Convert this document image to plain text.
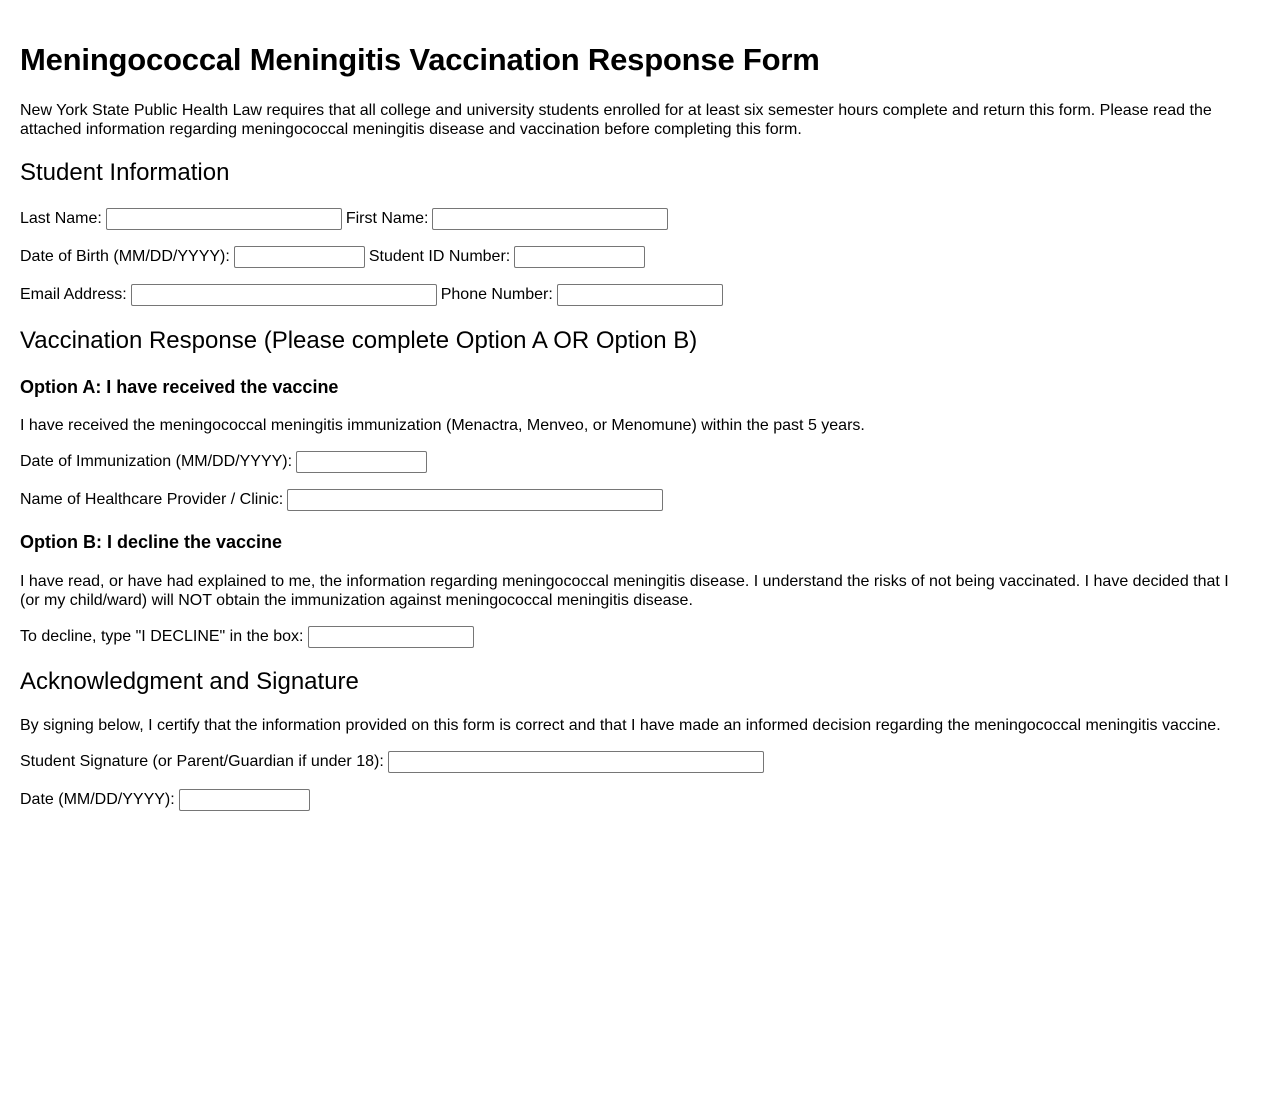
Meningococcal Meningitis Vaccination Response Form

New York State Public Health Law requires that all college and university students enrolled for at least six semester hours complete and return this form. Please read the attached information regarding meningococcal meningitis disease and vaccination before completing this form.

Student Information
Last Name:	First Name:
Date of Birth (MM/DD/YYYY):	Student ID Number:
Email Address:	Phone Number:
Vaccination Response (Please complete Option A OR Option B)
Option A: I have received the vaccine

I have received the meningococcal meningitis immunization (Menactra, Menveo, or Menomune) within the past 5 years.

Date of Immunization (MM/DD/YYYY):
Name of Healthcare Provider / Clinic:
Option B: I decline the vaccine

I have read, or have had explained to me, the information regarding meningococcal meningitis disease. I understand the risks of not being vaccinated. I have decided that I (or my child/ward) will NOT obtain the immunization against meningococcal meningitis disease.

To decline, type "I DECLINE" in the box:
Acknowledgment and Signature

By signing below, I certify that the information provided on this form is correct and that I have made an informed decision regarding the meningococcal meningitis vaccine.

Student Signature (or Parent/Guardian if under 18):
Date (MM/DD/YYYY):
